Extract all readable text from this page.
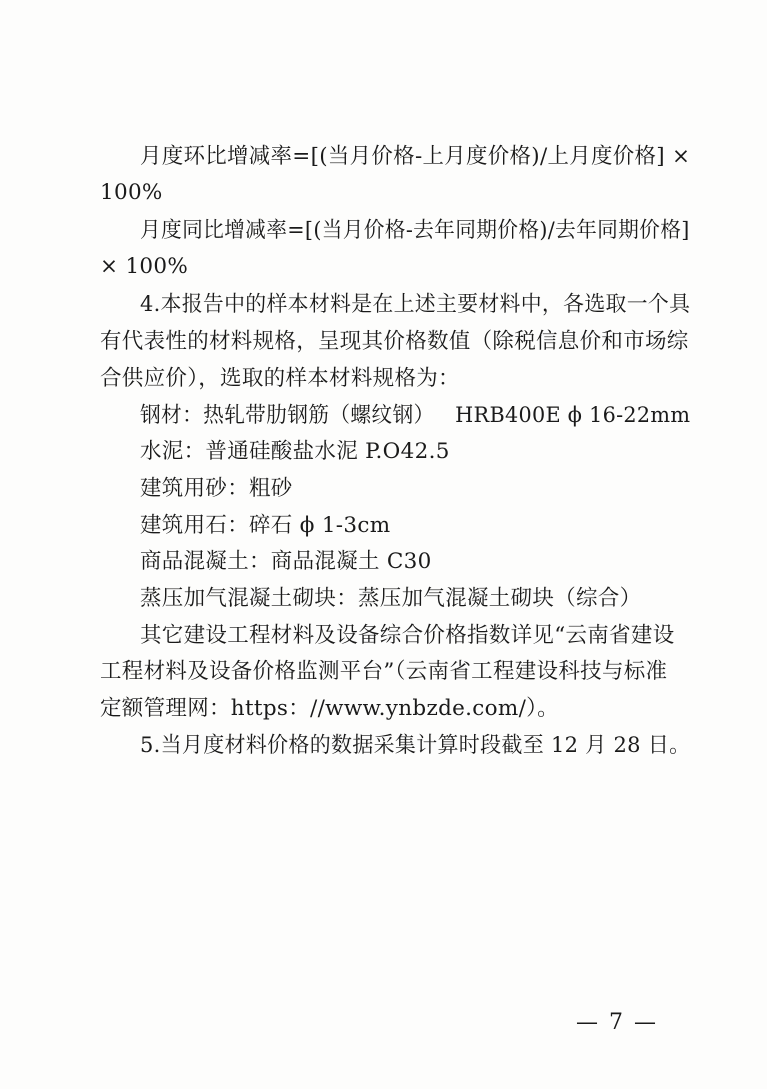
月度环比增减率=[(当月价格-上月度价格)/上月度价格] ×
100%
月度同比增减率=[(当月价格-去年同期价格)/去年同期价格]
× 100%
4.本报告中的样本材料是在上述主要材料中，各选取一个具
有代表性的材料规格，呈现其价格数值（除税信息价和市场综
合供应价），选取的样本材料规格为：
钢材：热轧带肋钢筋（螺纹钢）   HRB400E ϕ 16-22mm
水泥：普通硅酸盐水泥 P.O42.5
建筑用砂：粗砂
建筑用石：碎石 ϕ 1-3cm
商品混凝土：商品混凝土 C30
蒸压加气混凝土砌块：蒸压加气混凝土砌块（综合）
其它建设工程材料及设备综合价格指数详见“云南省建设
工程材料及设备价格监测平台”（云南省工程建设科技与标准
定额管理网：https：//www.ynbzde.com/）。
5.当月度材料价格的数据采集计算时段截至 12 月 28 日。
— 7 —
